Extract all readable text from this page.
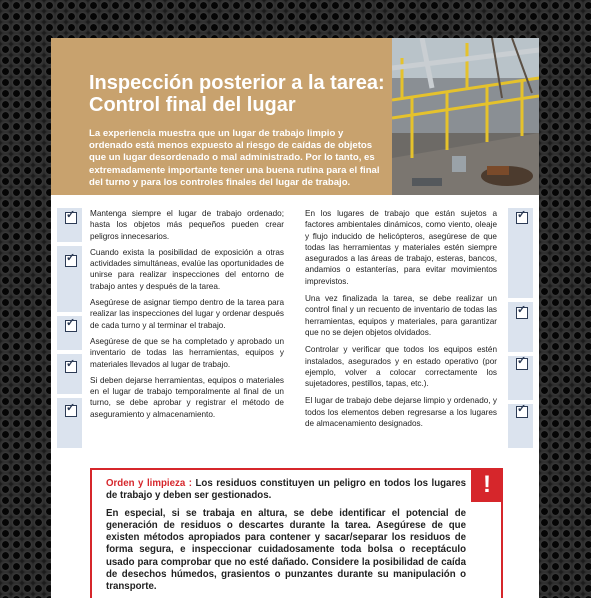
Inspección posterior a la tarea:
Control final del lugar

La experiencia muestra que un lugar de trabajo limpio y ordenado está menos expuesto al riesgo de caídas de objetos que un lugar desordenado o mal administrado. Por lo tanto, es extremadamente importante tener una buena rutina para el final del turno y para los controles finales del lugar de trabajo.

✓
✓
✓
✓
✓
✓
✓
✓
✓

Mantenga siempre el lugar de trabajo ordenado; hasta los objetos más pequeños pueden crear peligros innecesarios.

Cuando exista la posibilidad de exposición a otras actividades simultáneas, evalúe las oportunidades de unirse para realizar inspecciones del entorno de trabajo antes y después de la tarea.

Asegúrese de asignar tiempo dentro de la tarea para realizar las inspecciones del lugar y ordenar después de cada turno y al terminar el trabajo.

Asegúrese de que se ha completado y aprobado un inventario de todas las herramientas, equipos y materiales llevados al lugar de trabajo.

Si deben dejarse herramientas, equipos o materiales en el lugar de trabajo temporalmente al final de un turno, se debe aprobar y registrar el método de aseguramiento y almacenamiento.

En los lugares de trabajo que están sujetos a factores ambientales dinámicos, como viento, oleaje y flujo inducido de helicópteros, asegúrese de que todas las herramientas y materiales estén siempre asegurados a las áreas de trabajo, esteras, bancos, andamios o estanterías, para evitar movimientos imprevistos.

Una vez finalizada la tarea, se debe realizar un control final y un recuento de inventario de todas las herramientas, equipos y materiales, para garantizar que no se dejen objetos olvidados.

Controlar y verificar que todos los equipos estén instalados, asegurados y en estado operativo (por ejemplo, volver a colocar correctamente los sujetadores, pestillos, tapas, etc.).

El lugar de trabajo debe dejarse limpio y ordenado, y todos los elementos deben regresarse a los lugares de almacenamiento designados.

!

Orden y limpieza : Los residuos constituyen un peligro en todos los lugares de trabajo y deben ser gestionados.

En especial, si se trabaja en altura, se debe identificar el potencial de generación de residuos o descartes durante la tarea. Asegúrese de que existen métodos apropiados para contener y sacar/separar los residuos de forma segura, e inspeccionar cuidadosamente toda bolsa o receptáculo usado para comprobar que no esté dañado. Considere la posibilidad de caída de desechos húmedos, grasientos o punzantes durante su manipulación o transporte.
